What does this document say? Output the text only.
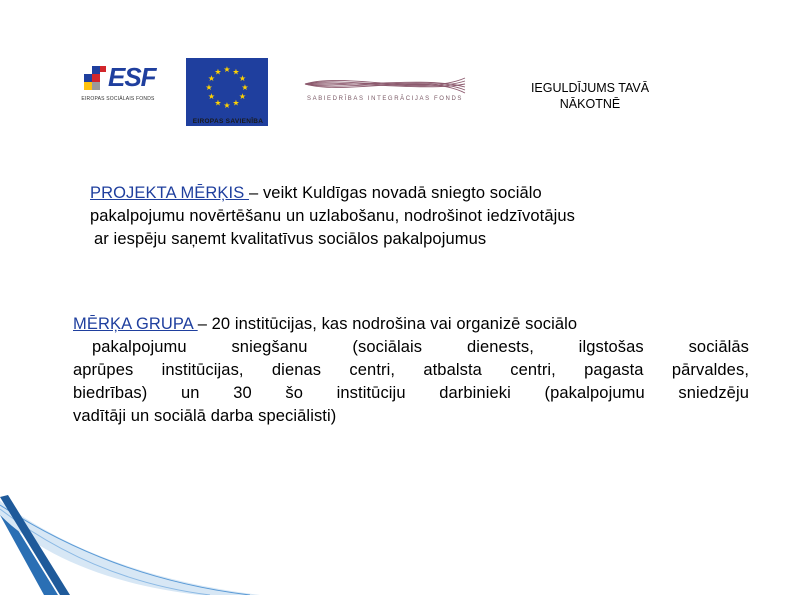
ESF
EIROPAS SOCIĀLAIS FONDS
★ ★
★
★
★
★
★
★
★
★
★
★
EIROPAS SAVIENĪBA
SABIEDRĪBAS INTEGRĀCIJAS FONDS
IEGULDĪJUMS TAVĀ
NĀKOTNĒ
PROJEKTA MĒRĶIS – veikt Kuldīgas novadā sniegto sociālo
pakalpojumu novērtēšanu un uzlabošanu, nodrošinot iedzīvotājus
ar iespēju saņemt kvalitatīvus sociālos pakalpojumus
MĒRĶA GRUPA – 20 institūcijas, kas nodrošina vai organizē sociālo
pakalpojumu sniegšanu (sociālais dienests, ilgstošas sociālās
aprūpes institūcijas, dienas centri, atbalsta centri, pagasta pārvaldes,
biedrības) un 30 šo institūciju darbinieki (pakalpojumu sniedzēju
vadītāji un sociālā darba speciālisti)
